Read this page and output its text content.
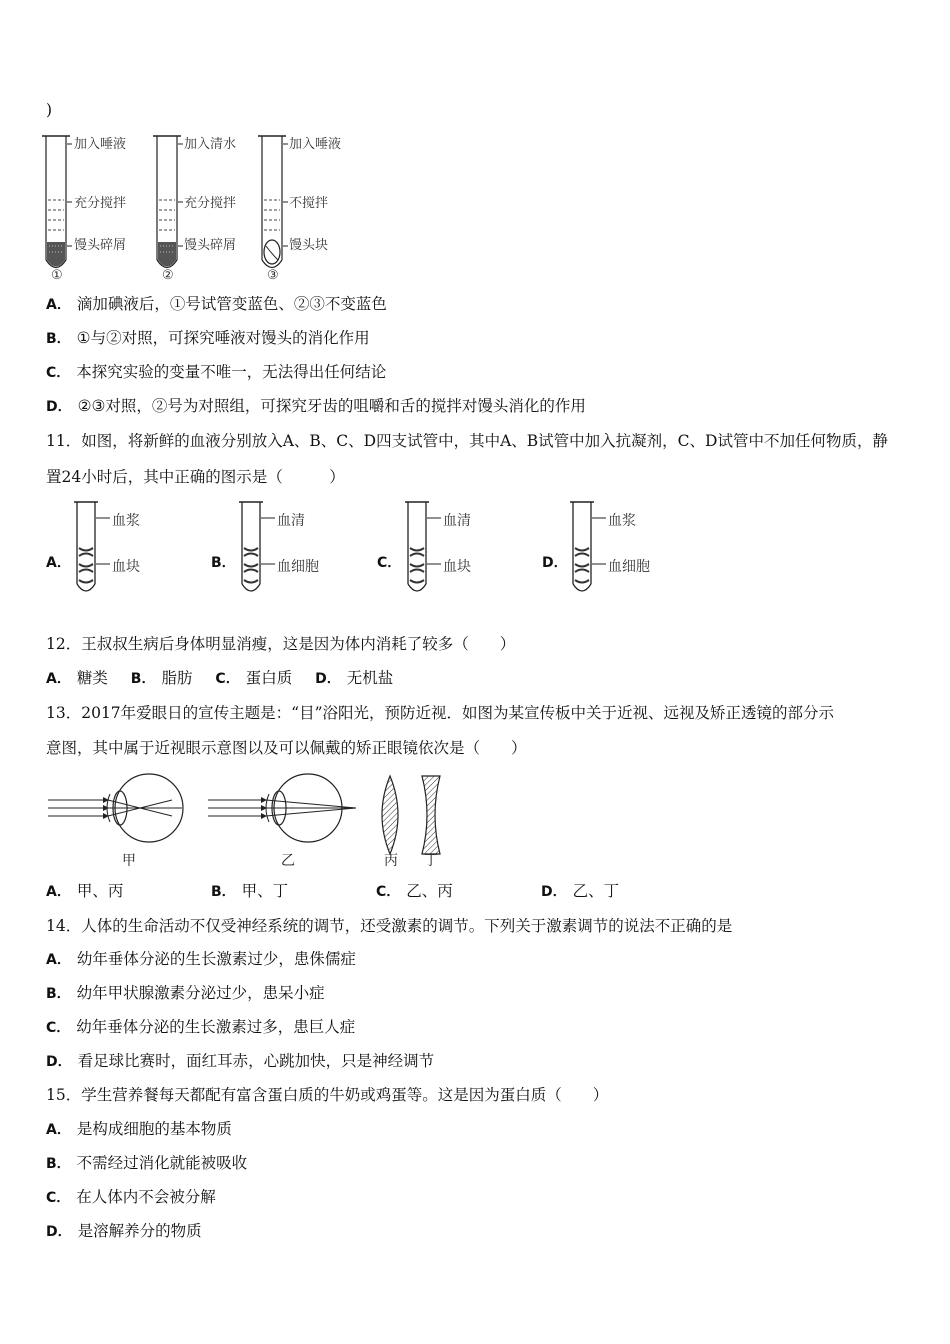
)
加入唾液
充分搅拌
馒头碎屑
①
加入清水
充分搅拌
馒头碎屑
②
加入唾液
不搅拌
馒头块
③
A． 滴加碘液后，①号试管变蓝色、②③不变蓝色
B． ①与②对照，可探究唾液对馒头的消化作用
C． 本探究实验的变量不唯一，无法得出任何结论
D． ②③对照，②号为对照组，可探究牙齿的咀嚼和舌的搅拌对馒头消化的作用
11．如图，将新鲜的血液分别放入A、B、C、D四支试管中，其中A、B试管中加入抗凝剂，C、D试管中不加任何物质，静
置24小时后，其中正确的图示是（　　　）
A．
血浆
血块	B．
血清
血细胞	C．
血清
血块	D．
血浆
血细胞
12．王叔叔生病后身体明显消瘦，这是因为体内消耗了较多（　　）
A． 糖类 B． 脂肪 C． 蛋白质 D． 无机盐
13．2017年爱眼日的宣传主题是：“目”浴阳光，预防近视．如图为某宣传板中关于近视、远视及矫正透镜的部分示
意图，其中属于近视眼示意图以及可以佩戴的矫正眼镜依次是（　　）
甲	乙	丙 丁
A． 甲、丙	B． 甲、丁	C． 乙、丙	D． 乙、丁
14．人体的生命活动不仅受神经系统的调节，还受激素的调节。下列关于激素调节的说法不正确的是
A． 幼年垂体分泌的生长激素过少，患侏儒症
B． 幼年甲状腺激素分泌过少，患呆小症
C． 幼年垂体分泌的生长激素过多，患巨人症
D． 看足球比赛时，面红耳赤，心跳加快，只是神经调节
15．学生营养餐每天都配有富含蛋白质的牛奶或鸡蛋等。这是因为蛋白质（　　）
A． 是构成细胞的基本物质
B． 不需经过消化就能被吸收
C． 在人体内不会被分解
D． 是溶解养分的物质
